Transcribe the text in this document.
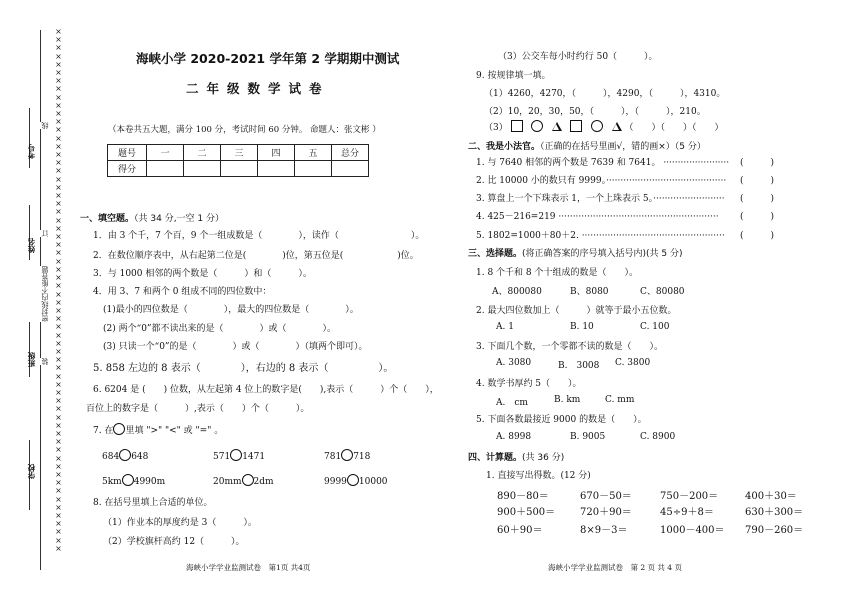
××××××××××××××××××××××××××××××××××××××××××××××××××××××××××××××××
考号
姓名
班级
学校
线
订
密封线内不能答题
装
海峡小学 2020-2021 学年第 2 学期期中测试
二年级数学试卷
（本卷共五大题，满分 100 分，考试时间 60 分钟。 命题人：张文彬 ）
题号	一	二	三	四	五	总分
得分						
一、填空题。（共 34 分,一空 1 分）
1．由 3 个千，7 个百，9 个一组成数是（　　　　），读作（　　　　　　　　）。
2．在数位顺序表中，从右起第二位是(　　　　)位，第五位是(　　　　　　)位。
3．与 1000 相邻的两个数是（　　　）和（　　　）。
4．用 3、7 和两个 0 组成不同的四位数中：
(1)最小的四位数是（　　　　），最大的四位数是（　　　　）。
(2) 两个“0”都不读出来的是（　　　　）或（　　　　）。
(3) 只读一个“0”的是（　　　　）或（　　　　）（填两个即可）。
5. 858 左边的 8 表示（　　　　），右边的 8 表示（　　　　　）。
6. 6204 是 (　　) 位数，从左起第 4 位上的数字是(　　),表示（　　　）个（　　），
百位上的数字是（　　　）,表示（　　）个（　　　）。
7. 在 里填 ">" "<" 或 "=" 。
684 648	571 1471	781 718
5km 4990m	20mm 2dm	9999 10000
8. 在括号里填上合适的单位。
（1）作业本的厚度约是 3（　　　）。
（2）学校旗杆高约 12（　　　）。
海峡小学学业监测试卷　第1页 共4页
（3）公交车每小时约行 50（　　　）。
9. 按规律填一填。
（1）4260，4270，（　　　），4290，（　　　），4310。
（2）10，20，30，50，（　　　），（　　　），210。
（3）	（　　）（　　）（　　）
二、我是小法官。（正确的在括号里画√，错的画×）（5 分）
1. 与 7640 相邻的两个数是 7639 和 7641。 ······················· (　　　)
2. 比 10000 小的数只有 9999。·········································· (　　　)
3. 算盘上一个下珠表示 1，一个上珠表示 5。························· (　　　)
4. 425－216=219 ························································ (　　　)
5. 1802=1000＋80＋2. ·················································· (　　　)
三、选择题。(将正确答案的序号填入括号内)(共 5 分)
1. 8 个千和 8 个十组成的数是（　　）。
A、800080	B、8080	C、80080
2. 最大四位数加上（　　　）就等于最小五位数。
A. 1	B. 10	C. 100
3. 下面几个数，一个零都不读的数是（　　）。
A. 3080	B.　3008 C. 3800
4. 数学书厚约 5（　　）。
A.　cm	B. km	C. mm
5. 下面各数最接近 9000 的数是（　　）。
A. 8998	B. 9005	C. 8900
四、计算题。(共 36 分)
1. 直接写出得数。(12 分)
890－80＝	670－50＝	750－200＝	400＋30＝
900＋500＝ 720＋90＝	45÷9＋8＝	630＋300＝
60＋90＝	8×9－3＝	1000－400＝ 790－260＝
海峡小学学业监测试卷　第 2 页 共 4 页
